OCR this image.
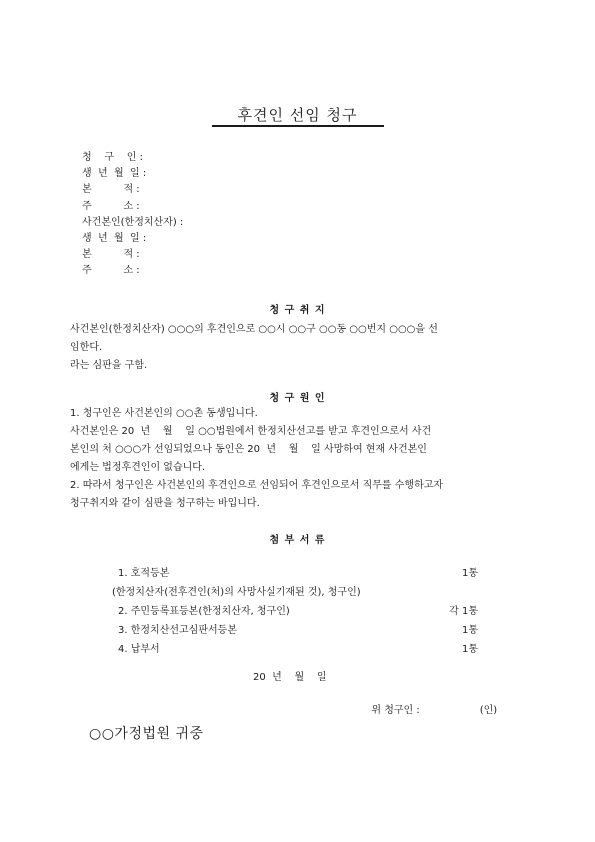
후견인 선임 청구
청    구    인 :
생  년  월  일 :
본          적 :
주          소 :
사건본인(한정치산자) :
생  년  월  일 :
본          적 :
주          소 :
청 구 취 지

사건본인(한정치산자) ○○○의 후견인으로 ○○시 ○○구 ○○동 ○○번지 ○○○을 선

임한다.

라는 심판을 구함.

청 구 원 인

1. 청구인은 사건본인의 ○○촌 동생입니다.

사건본인은 20  년    월    일 ○○법원에서 한정치산선고를 받고 후견인으로서 사건

본인의 처 ○○○가 선임되었으나 동인은 20  년    월    일 사망하여 현재 사건본인

에게는 법정후견인이 없습니다.

2. 따라서 청구인은 사건본인의 후견인으로 선임되어 후견인으로서 직무를 수행하고자

청구취지와 같이 심판을 청구하는 바입니다.

첨 부 서 류
1. 호적등본	1통
(한정치산자(전후견인(처)의 사망사실기재된 것), 청구인)
2. 주민등록표등본(한정치산자, 청구인)	각 1통
3. 한정치산선고심판서등본	1통
4. 납부서	1통
20  년    월    일

위 청구인 :	(인)

○○가정법원 귀중
